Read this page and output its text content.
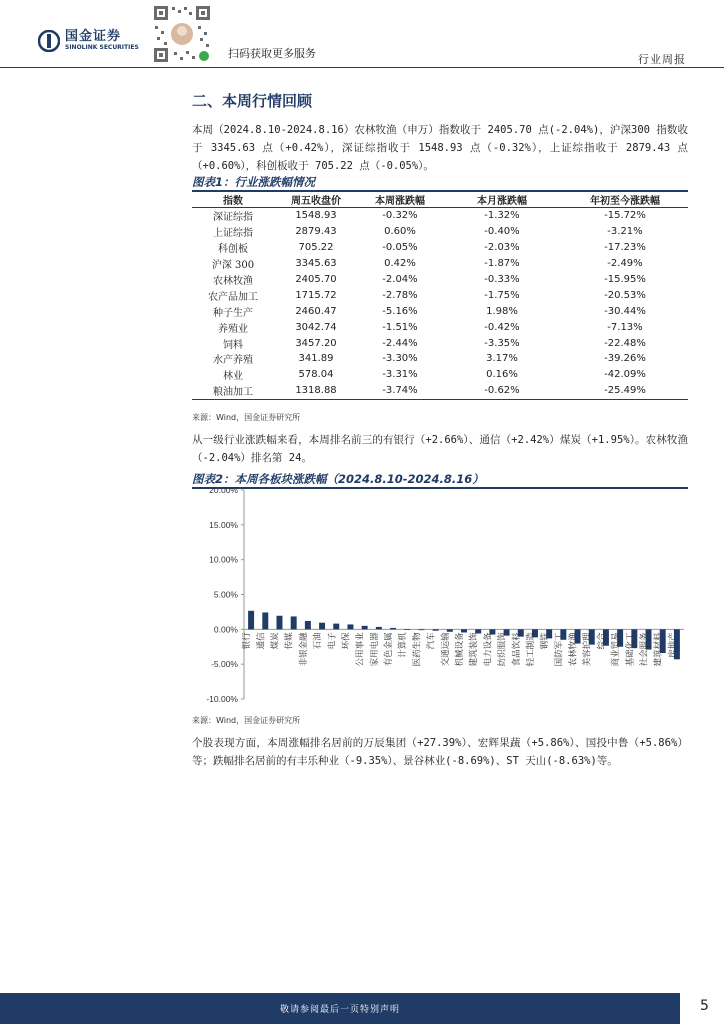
国金证券
SINOLINK SECURITIES	扫码获取更多服务	行业周报
二、本周行情回顾
本周（2024.8.10-2024.8.16）农林牧渔（申万）指数收于 2405.70 点(-2.04%)，沪深300 指数收于 3345.63 点（+0.42%），深证综指收于 1548.93 点（-0.32%），上证综指收于 2879.43 点（+0.60%），科创板收于 705.22 点（-0.05%）。
图表1：行业涨跌幅情况
指数	周五收盘价	本周涨跌幅	本月涨跌幅	年初至今涨跌幅
深证综指	1548.93	-0.32%	-1.32%	-15.72%
上证综指	2879.43	0.60%	-0.40%	-3.21%
科创板	705.22	-0.05%	-2.03%	-17.23%
沪深 300	3345.63	0.42%	-1.87%	-2.49%
农林牧渔	2405.70	-2.04%	-0.33%	-15.95%
农产品加工	1715.72	-2.78%	-1.75%	-20.53%
种子生产	2460.47	-5.16%	1.98%	-30.44%
养殖业	3042.74	-1.51%	-0.42%	-7.13%
饲料	3457.20	-2.44%	-3.35%	-22.48%
水产养殖	341.89	-3.30%	3.17%	-39.26%
林业	578.04	-3.31%	0.16%	-42.09%
粮油加工	1318.88	-3.74%	-0.62%	-25.49%
来源：Wind，国金证券研究所
从一级行业涨跌幅来看，本周排名前三的有银行（+2.66%）、通信（+2.42%）煤炭（+1.95%）。农林牧渔（-2.04%）排名第 24。
图表2：本周各板块涨跌幅（2024.8.10-2024.8.16）
20.00%
15.00%
10.00%
5.00%
0.00%
-5.00%
-10.00%
银行 通信 煤炭 传媒 非银金融 石油 电子 环保 公用事业 家用电器 有色金属 计算机 医药生物 汽车 交通运输 机械设备 建筑装饰 电力设备 纺织服饰 食品饮料 轻工制造 钢铁 国防军工 农林牧渔 美容护理 综合 商业贸易 基础化工 社会服务 建筑材料 房地产
来源：Wind，国金证券研究所
个股表现方面，本周涨幅排名居前的万辰集团（+27.39%）、宏辉果蔬（+5.86%）、国投中鲁（+5.86%）等；跌幅排名居前的有丰乐种业（-9.35%）、景谷林业(-8.69%)、ST 天山(-8.63%)等。
敬请参阅最后一页特别声明	5
